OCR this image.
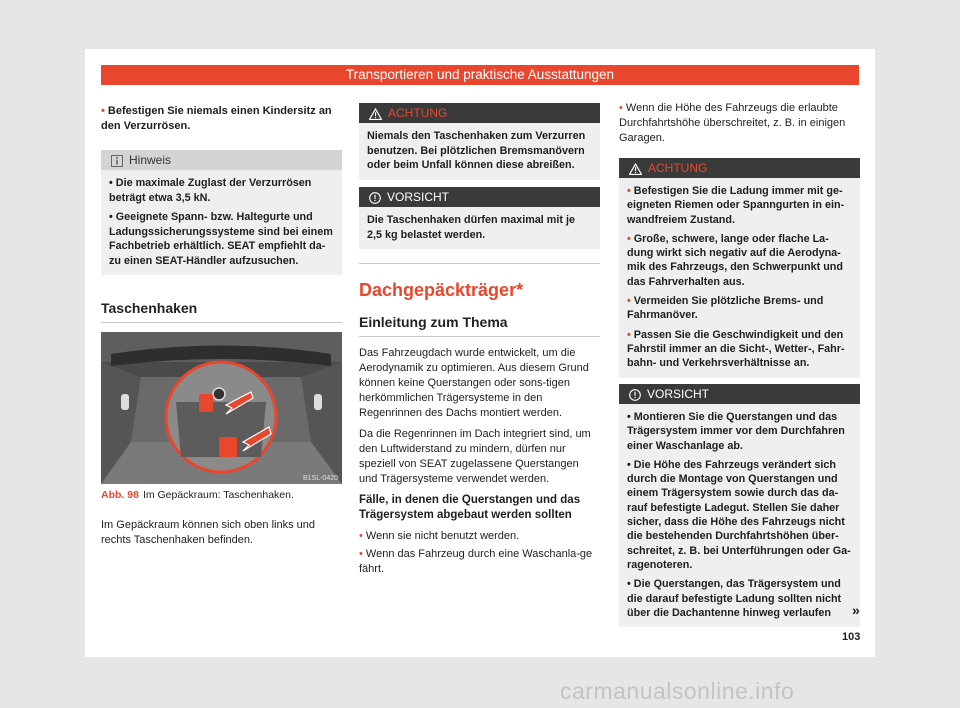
Transportieren und praktische Ausstattungen

• Befestigen Sie niemals einen Kindersitz an den Verzurrösen.

Hinweis

• Die maximale Zuglast der Verzurrösen beträgt etwa 3,5 kN.

• Geeignete Spann- bzw. Haltegurte und Ladungssicherungssysteme sind bei einem Fachbetrieb erhältlich. SEAT empfiehlt da-zu einen SEAT-Händler aufzusuchen.

Taschenhaken
B1SL-0420
Abb. 98 Im Gepäckraum: Taschenhaken.

Im Gepäckraum können sich oben links und rechts Taschenhaken befinden.

ACHTUNG

Niemals den Taschenhaken zum Verzurren benutzen. Bei plötzlichen Bremsmanövern oder beim Unfall können diese abreißen.

VORSICHT

Die Taschenhaken dürfen maximal mit je 2,5 kg belastet werden.

Dachgepäckträger*
Einleitung zum Thema

Das Fahrzeugdach wurde entwickelt, um die Aerodynamik zu optimieren. Aus diesem Grund können keine Querstangen oder sons-tigen herkömmlichen Trägersysteme in den Regenrinnen des Dachs montiert werden.

Da die Regenrinnen im Dach integriert sind, um den Luftwiderstand zu mindern, dürfen nur speziell von SEAT zugelassene Querstangen und Trägersysteme verwendet werden.

Fälle, in denen die Querstangen und das Trägersystem abgebaut werden sollten

• Wenn sie nicht benutzt werden.

• Wenn das Fahrzeug durch eine Waschanla-ge fährt.

• Wenn die Höhe des Fahrzeugs die erlaubte Durchfahrtshöhe überschreitet, z. B. in einigen Garagen.

ACHTUNG

• Befestigen Sie die Ladung immer mit ge-eigneten Riemen oder Spanngurten in ein-wandfreiem Zustand.

• Große, schwere, lange oder flache La-dung wirkt sich negativ auf die Aerodyna-mik des Fahrzeugs, den Schwerpunkt und das Fahrverhalten aus.

• Vermeiden Sie plötzliche Brems- und Fahrmanöver.

• Passen Sie die Geschwindigkeit und den Fahrstil immer an die Sicht-, Wetter-, Fahr-bahn- und Verkehrsverhältnisse an.

VORSICHT

• Montieren Sie die Querstangen und das Trägersystem immer vor dem Durchfahren einer Waschanlage ab.

• Die Höhe des Fahrzeugs verändert sich durch die Montage von Querstangen und einem Trägersystem sowie durch das da-rauf befestigte Ladegut. Stellen Sie daher sicher, dass die Höhe des Fahrzeugs nicht die bestehenden Durchfahrtshöhen über-schreitet, z. B. bei Unterführungen oder Ga-ragenoteren.

• Die Querstangen, das Trägersystem und die darauf befestigte Ladung sollten nicht über die Dachantenne hinweg verlaufen	»
103
carmanualsonline.info
